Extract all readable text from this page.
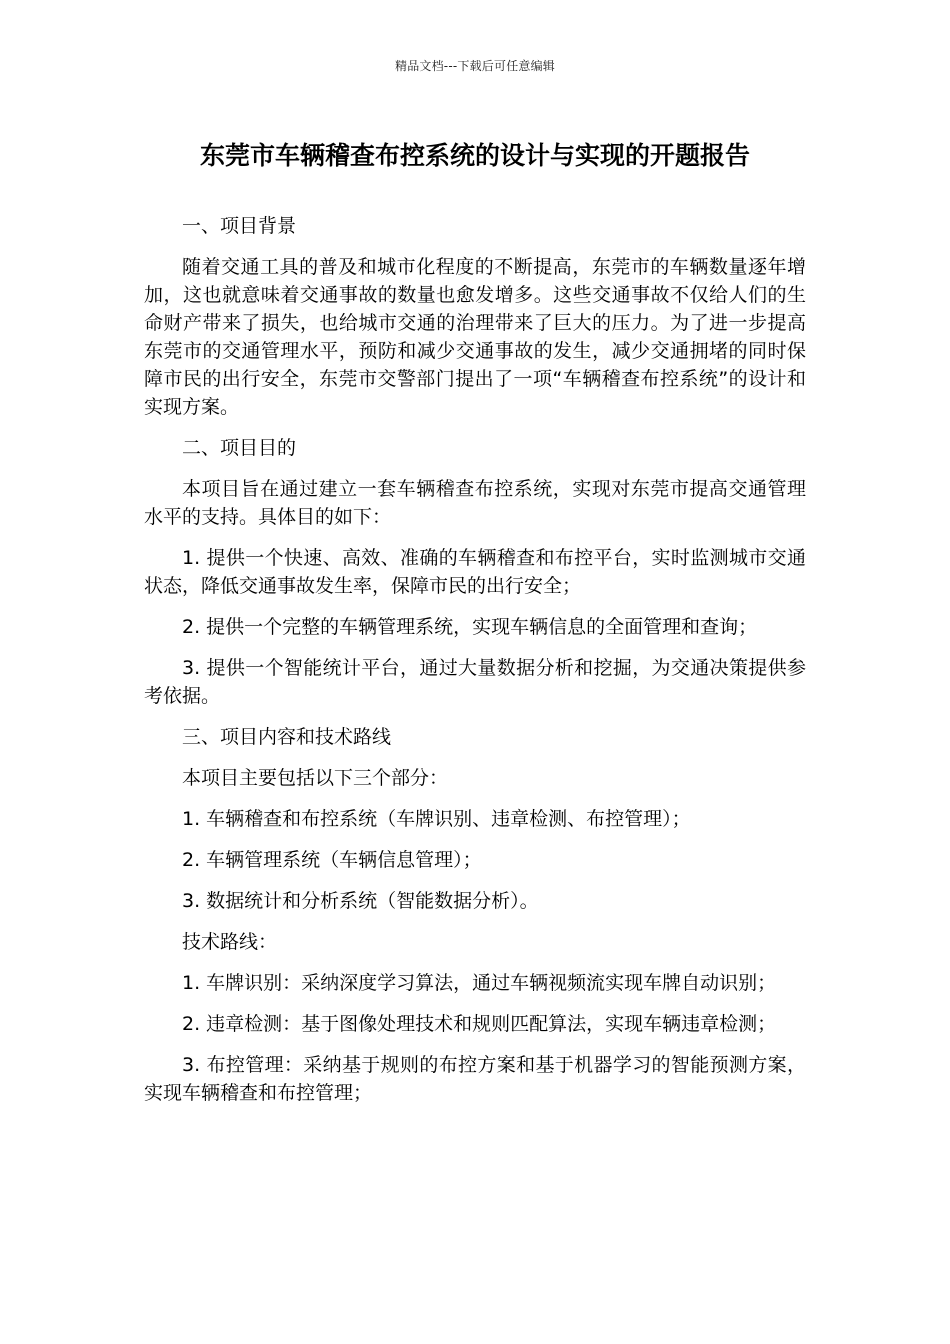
精品文档---下载后可任意编辑
东莞市车辆稽查布控系统的设计与实现的开题报告

一、项目背景

随着交通工具的普及和城市化程度的不断提高，东莞市的车辆数量逐年增加，这也就意味着交通事故的数量也愈发增多。这些交通事故不仅给人们的生命财产带来了损失，也给城市交通的治理带来了巨大的压力。为了进一步提高东莞市的交通管理水平，预防和减少交通事故的发生，减少交通拥堵的同时保障市民的出行安全，东莞市交警部门提出了一项“车辆稽查布控系统”的设计和实现方案。

二、项目目的

本项目旨在通过建立一套车辆稽查布控系统，实现对东莞市提高交通管理水平的支持。具体目的如下：

1. 提供一个快速、高效、准确的车辆稽查和布控平台，实时监测城市交通状态，降低交通事故发生率，保障市民的出行安全；

2. 提供一个完整的车辆管理系统，实现车辆信息的全面管理和查询；

3. 提供一个智能统计平台，通过大量数据分析和挖掘，为交通决策提供参考依据。

三、项目内容和技术路线

本项目主要包括以下三个部分：

1. 车辆稽查和布控系统（车牌识别、违章检测、布控管理）；

2. 车辆管理系统（车辆信息管理）；

3. 数据统计和分析系统（智能数据分析）。

技术路线：

1. 车牌识别：采纳深度学习算法，通过车辆视频流实现车牌自动识别；

2. 违章检测：基于图像处理技术和规则匹配算法，实现车辆违章检测；

3. 布控管理：采纳基于规则的布控方案和基于机器学习的智能预测方案，实现车辆稽查和布控管理；
